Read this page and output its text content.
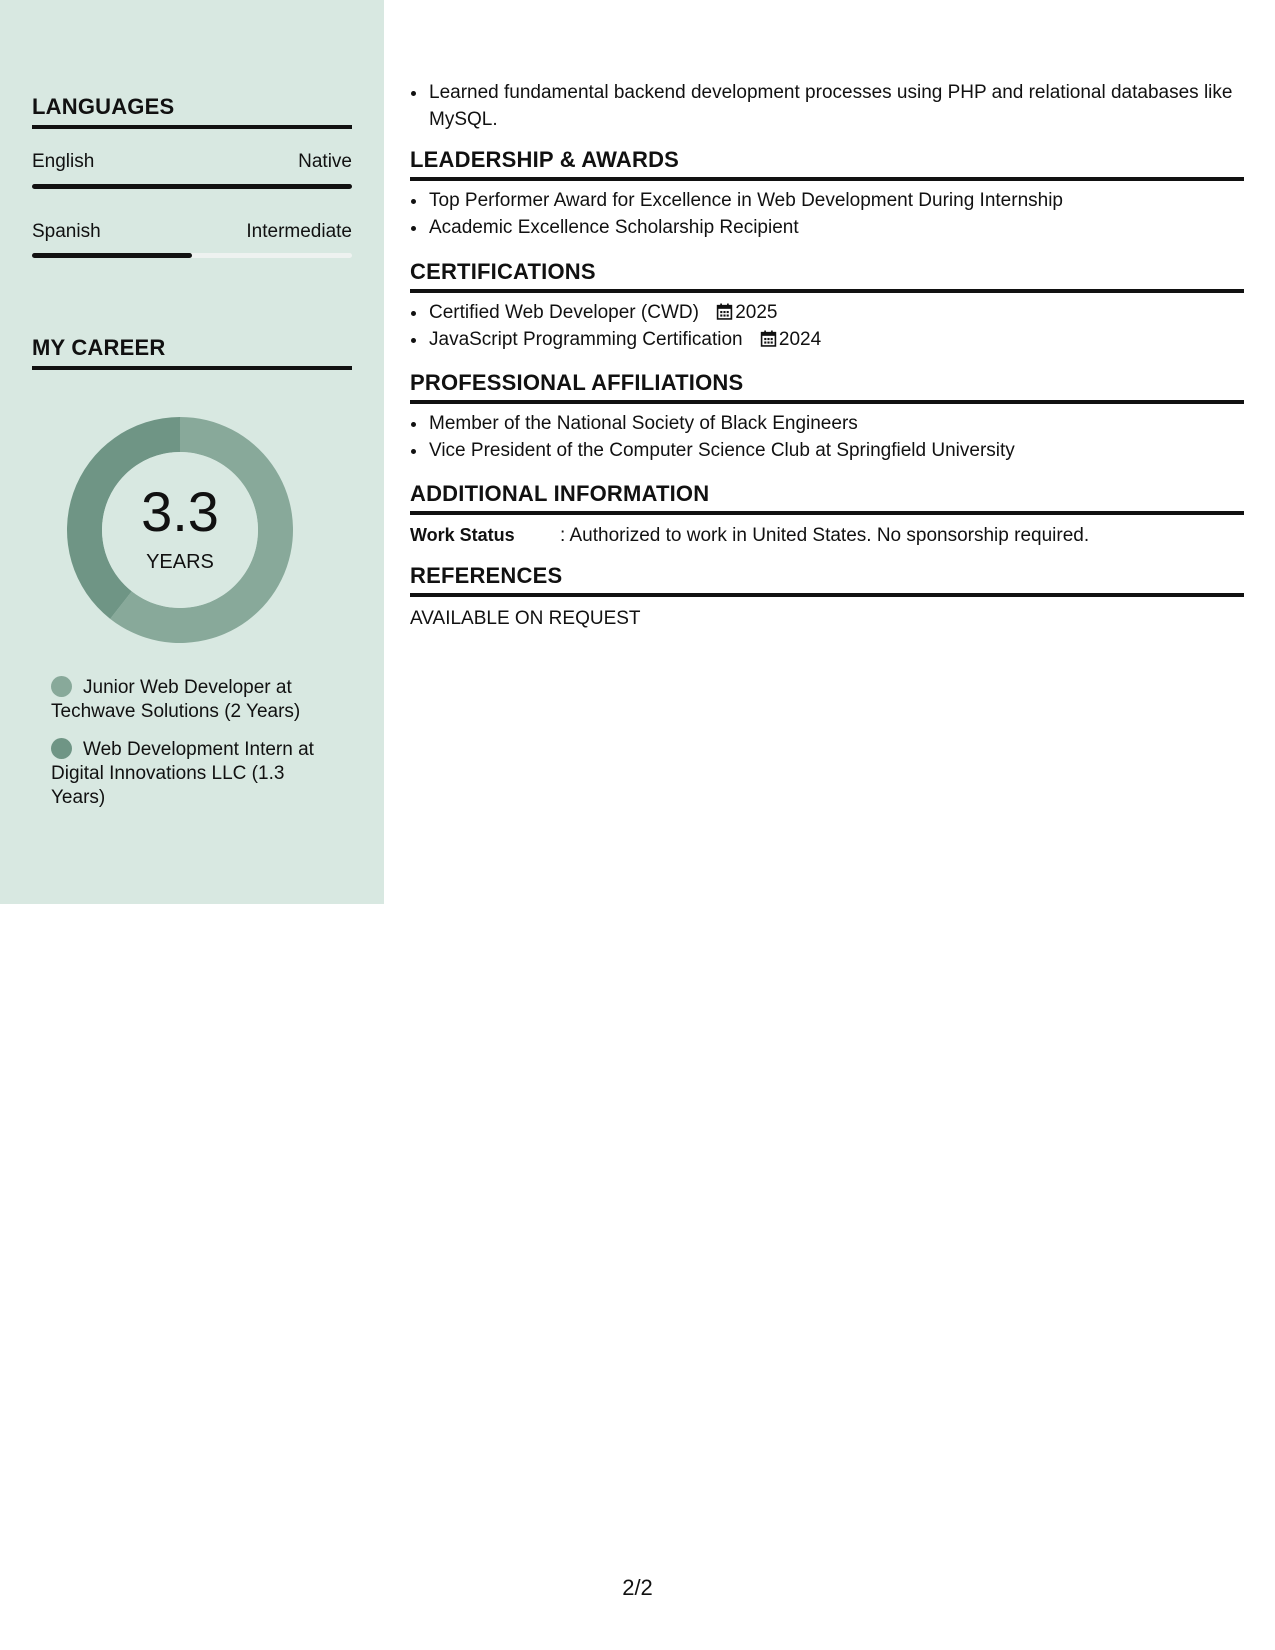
LANGUAGES
English	Native
Spanish	Intermediate
MY CAREER
3.3
YEARS
Junior Web Developer at Techwave Solutions (2 Years)
Web Development Intern at Digital Innovations LLC (1.3 Years)
• Learned fundamental backend development processes using PHP and relational databases like MySQL.
LEADERSHIP & AWARDS
• Top Performer Award for Excellence in Web Development During Internship
• Academic Excellence Scholarship Recipient
CERTIFICATIONS
• Certified Web Developer (CWD) 2025
• JavaScript Programming Certification 2024
PROFESSIONAL AFFILIATIONS
• Member of the National Society of Black Engineers
• Vice President of the Computer Science Club at Springfield University
ADDITIONAL INFORMATION
Work Status : Authorized to work in United States. No sponsorship required.
REFERENCES
AVAILABLE ON REQUEST
2/2
